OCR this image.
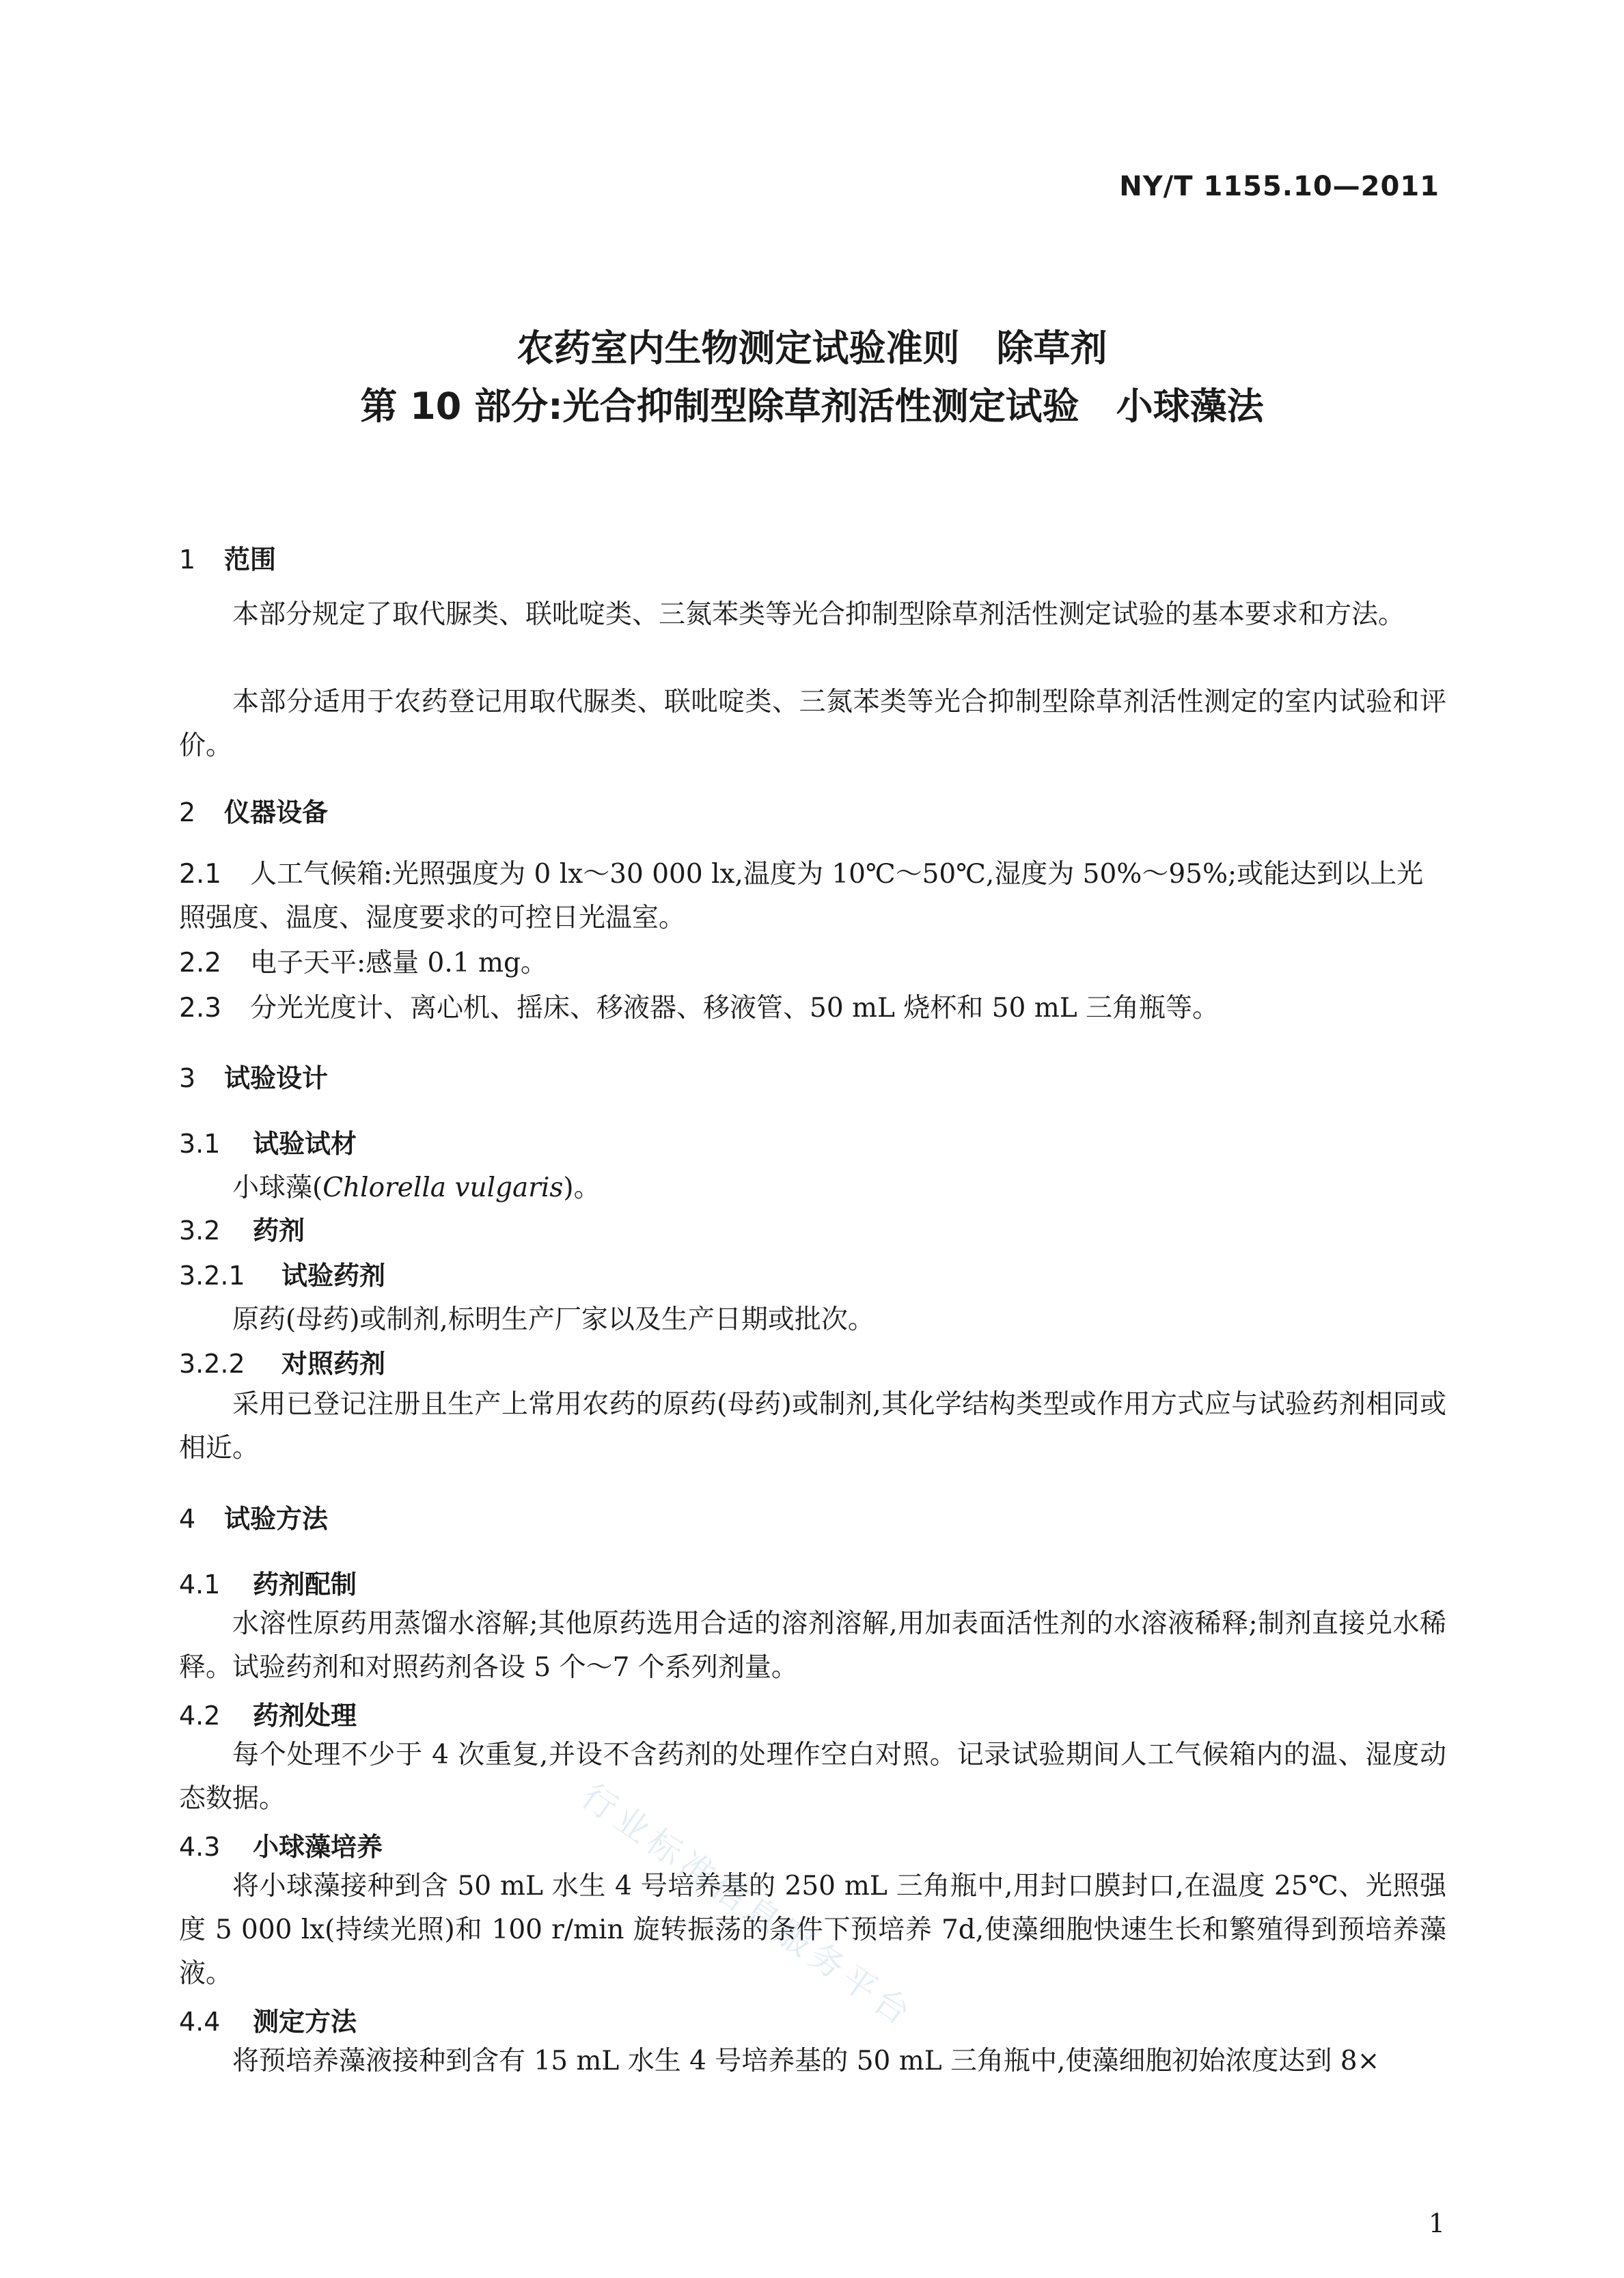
NY/T 1155.10—2011
农药室内生物测定试验准则　除草剂
第 10 部分:光合抑制型除草剂活性测定试验　小球藻法
1 范围
本部分规定了取代脲类、联吡啶类、三氮苯类等光合抑制型除草剂活性测定试验的基本要求和方法。
本部分适用于农药登记用取代脲类、联吡啶类、三氮苯类等光合抑制型除草剂活性测定的室内试验和评价。
2 仪器设备
2.1 人工气候箱:光照强度为 0 lx～30 000 lx,温度为 10℃～50℃,湿度为 50%～95%;或能达到以上光照强度、温度、湿度要求的可控日光温室。
2.2 电子天平:感量 0.1 mg。
2.3 分光光度计、离心机、摇床、移液器、移液管、50 mL 烧杯和 50 mL 三角瓶等。
3 试验设计
3.1 试验试材
小球藻(Chlorella vulgaris)。
3.2 药剂
3.2.1 试验药剂
原药(母药)或制剂,标明生产厂家以及生产日期或批次。
3.2.2 对照药剂
采用已登记注册且生产上常用农药的原药(母药)或制剂,其化学结构类型或作用方式应与试验药剂相同或相近。
4 试验方法
4.1 药剂配制
水溶性原药用蒸馏水溶解;其他原药选用合适的溶剂溶解,用加表面活性剂的水溶液稀释;制剂直接兑水稀释。试验药剂和对照药剂各设 5 个～7 个系列剂量。
4.2 药剂处理
每个处理不少于 4 次重复,并设不含药剂的处理作空白对照。记录试验期间人工气候箱内的温、湿度动态数据。
4.3 小球藻培养
将小球藻接种到含 50 mL 水生 4 号培养基的 250 mL 三角瓶中,用封口膜封口,在温度 25℃、光照强度 5 000 lx(持续光照)和 100 r/min 旋转振荡的条件下预培养 7d,使藻细胞快速生长和繁殖得到预培养藻液。
4.4 测定方法
将预培养藻液接种到含有 15 mL 水生 4 号培养基的 50 mL 三角瓶中,使藻细胞初始浓度达到 8×
行业标准信息服务平台
1
